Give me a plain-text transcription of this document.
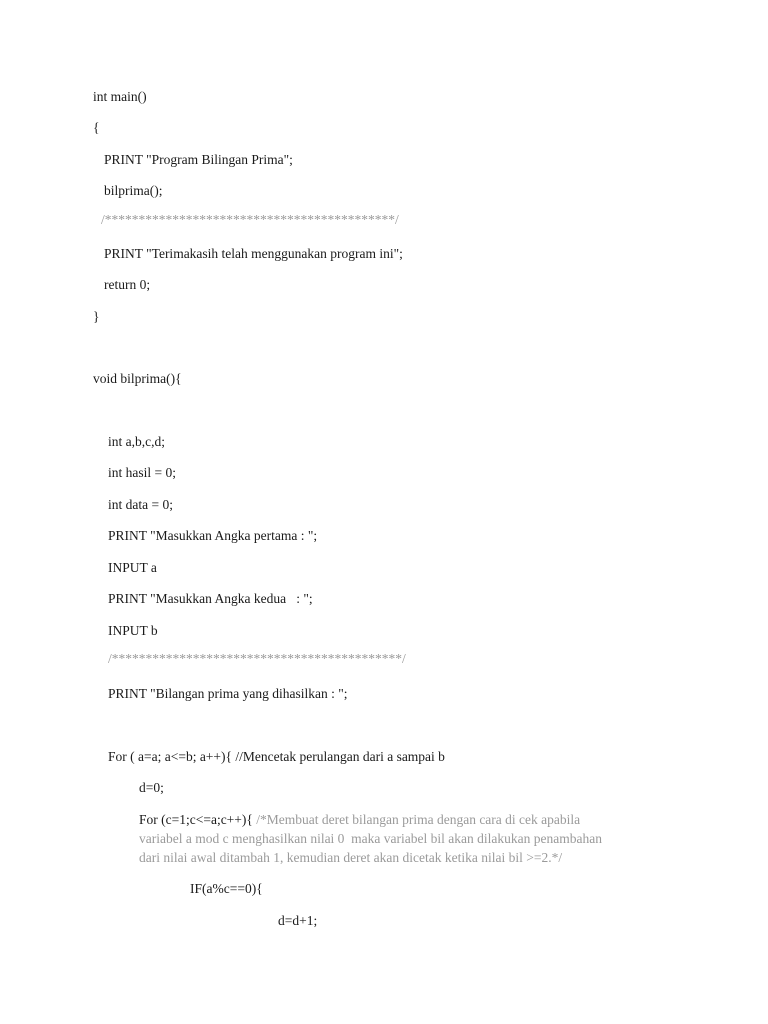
int main()
{
PRINT "Program Bilingan Prima";
bilprima();
/*******************************************/
PRINT "Terimakasih telah menggunakan program ini";
return 0;
}
void bilprima(){
int a,b,c,d;
int hasil = 0;
int data = 0;
PRINT "Masukkan Angka pertama : ";
INPUT a
PRINT "Masukkan Angka kedua   : ";
INPUT b
/*******************************************/
PRINT "Bilangan prima yang dihasilkan : ";
For ( a=a; a<=b; a++){ //Mencetak perulangan dari a sampai b
d=0;
For (c=1;c<=a;c++){ /*Membuat deret bilangan prima dengan cara di cek apabila
variabel a mod c menghasilkan nilai 0  maka variabel bil akan dilakukan penambahan
dari nilai awal ditambah 1, kemudian deret akan dicetak ketika nilai bil >=2.*/
IF(a%c==0){
d=d+1;
